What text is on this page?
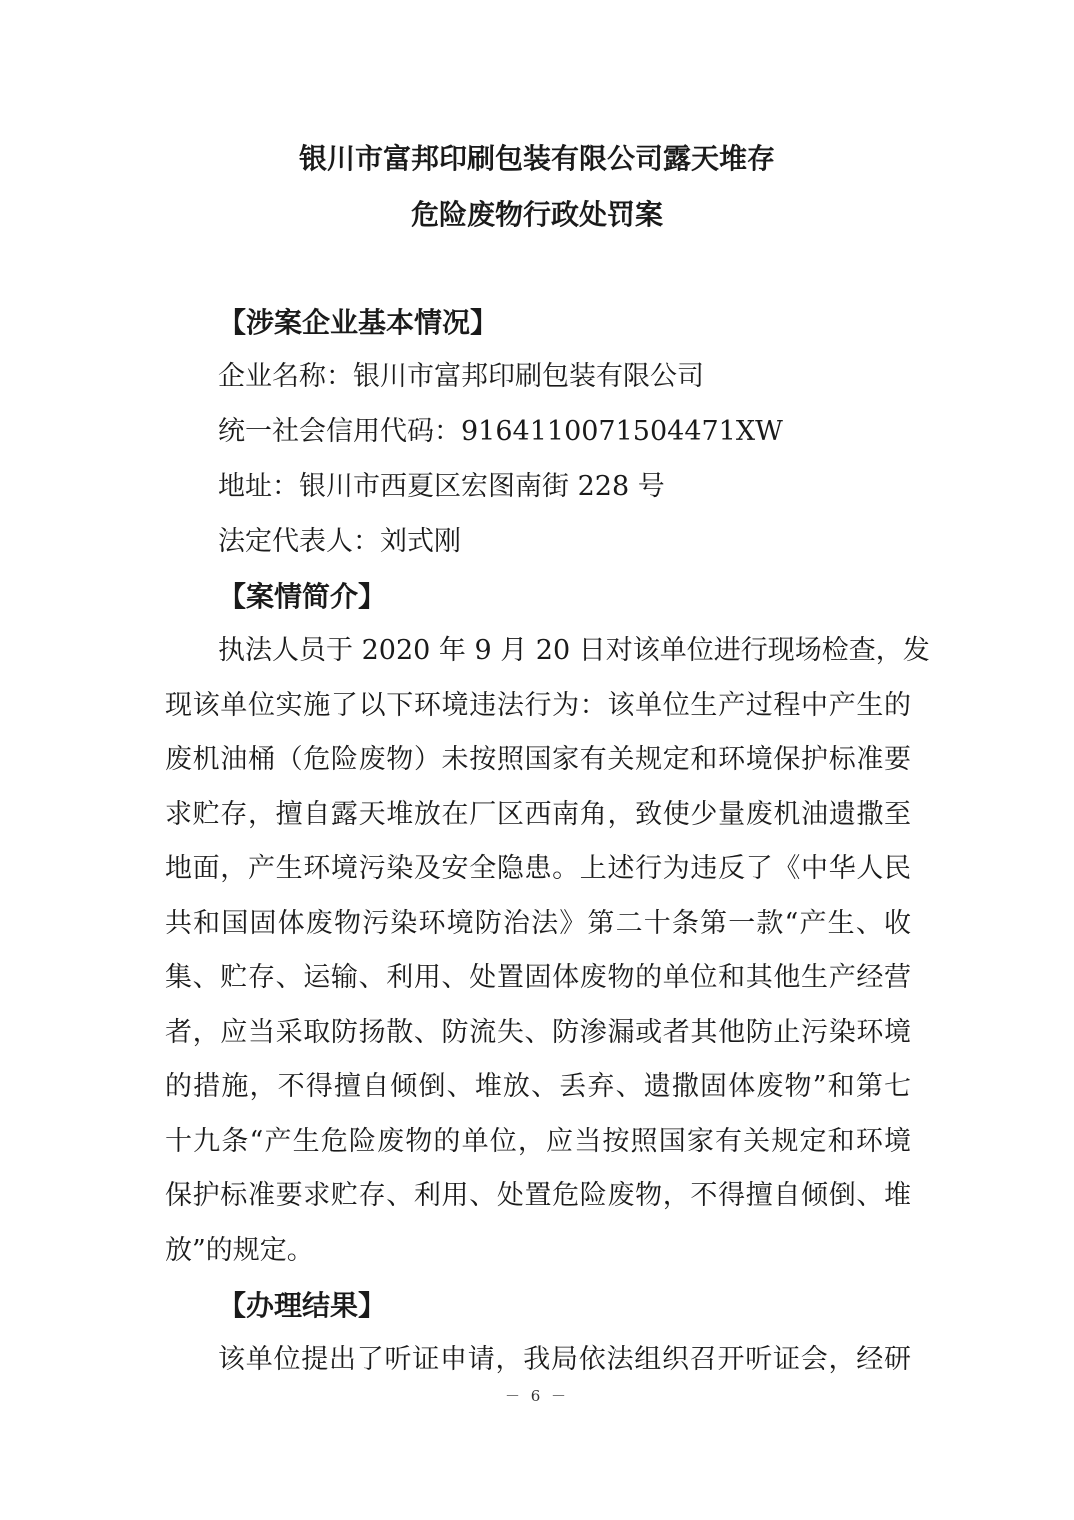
银川市富邦印刷包装有限公司露天堆存
危险废物行政处罚案
【涉案企业基本情况】
企业名称：银川市富邦印刷包装有限公司
统一社会信用代码：9164110071504471XW
地址：银川市西夏区宏图南街 228 号
法定代表人：刘式刚
【案情简介】
执法人员于 2020 年 9 月 20 日对该单位进行现场检查，发
现该单位实施了以下环境违法行为：该单位生产过程中产生的
废机油桶（危险废物）未按照国家有关规定和环境保护标准要
求贮存，擅自露天堆放在厂区西南角，致使少量废机油遗撒至
地面，产生环境污染及安全隐患。上述行为违反了《中华人民
共和国固体废物污染环境防治法》第二十条第一款“产生、收
集、贮存、运输、利用、处置固体废物的单位和其他生产经营
者，应当采取防扬散、防流失、防渗漏或者其他防止污染环境
的措施，不得擅自倾倒、堆放、丢弃、遗撒固体废物”和第七
十九条“产生危险废物的单位，应当按照国家有关规定和环境
保护标准要求贮存、利用、处置危险废物，不得擅自倾倒、堆
放”的规定。
【办理结果】
该单位提出了听证申请，我局依法组织召开听证会，经研
－ 6 －
